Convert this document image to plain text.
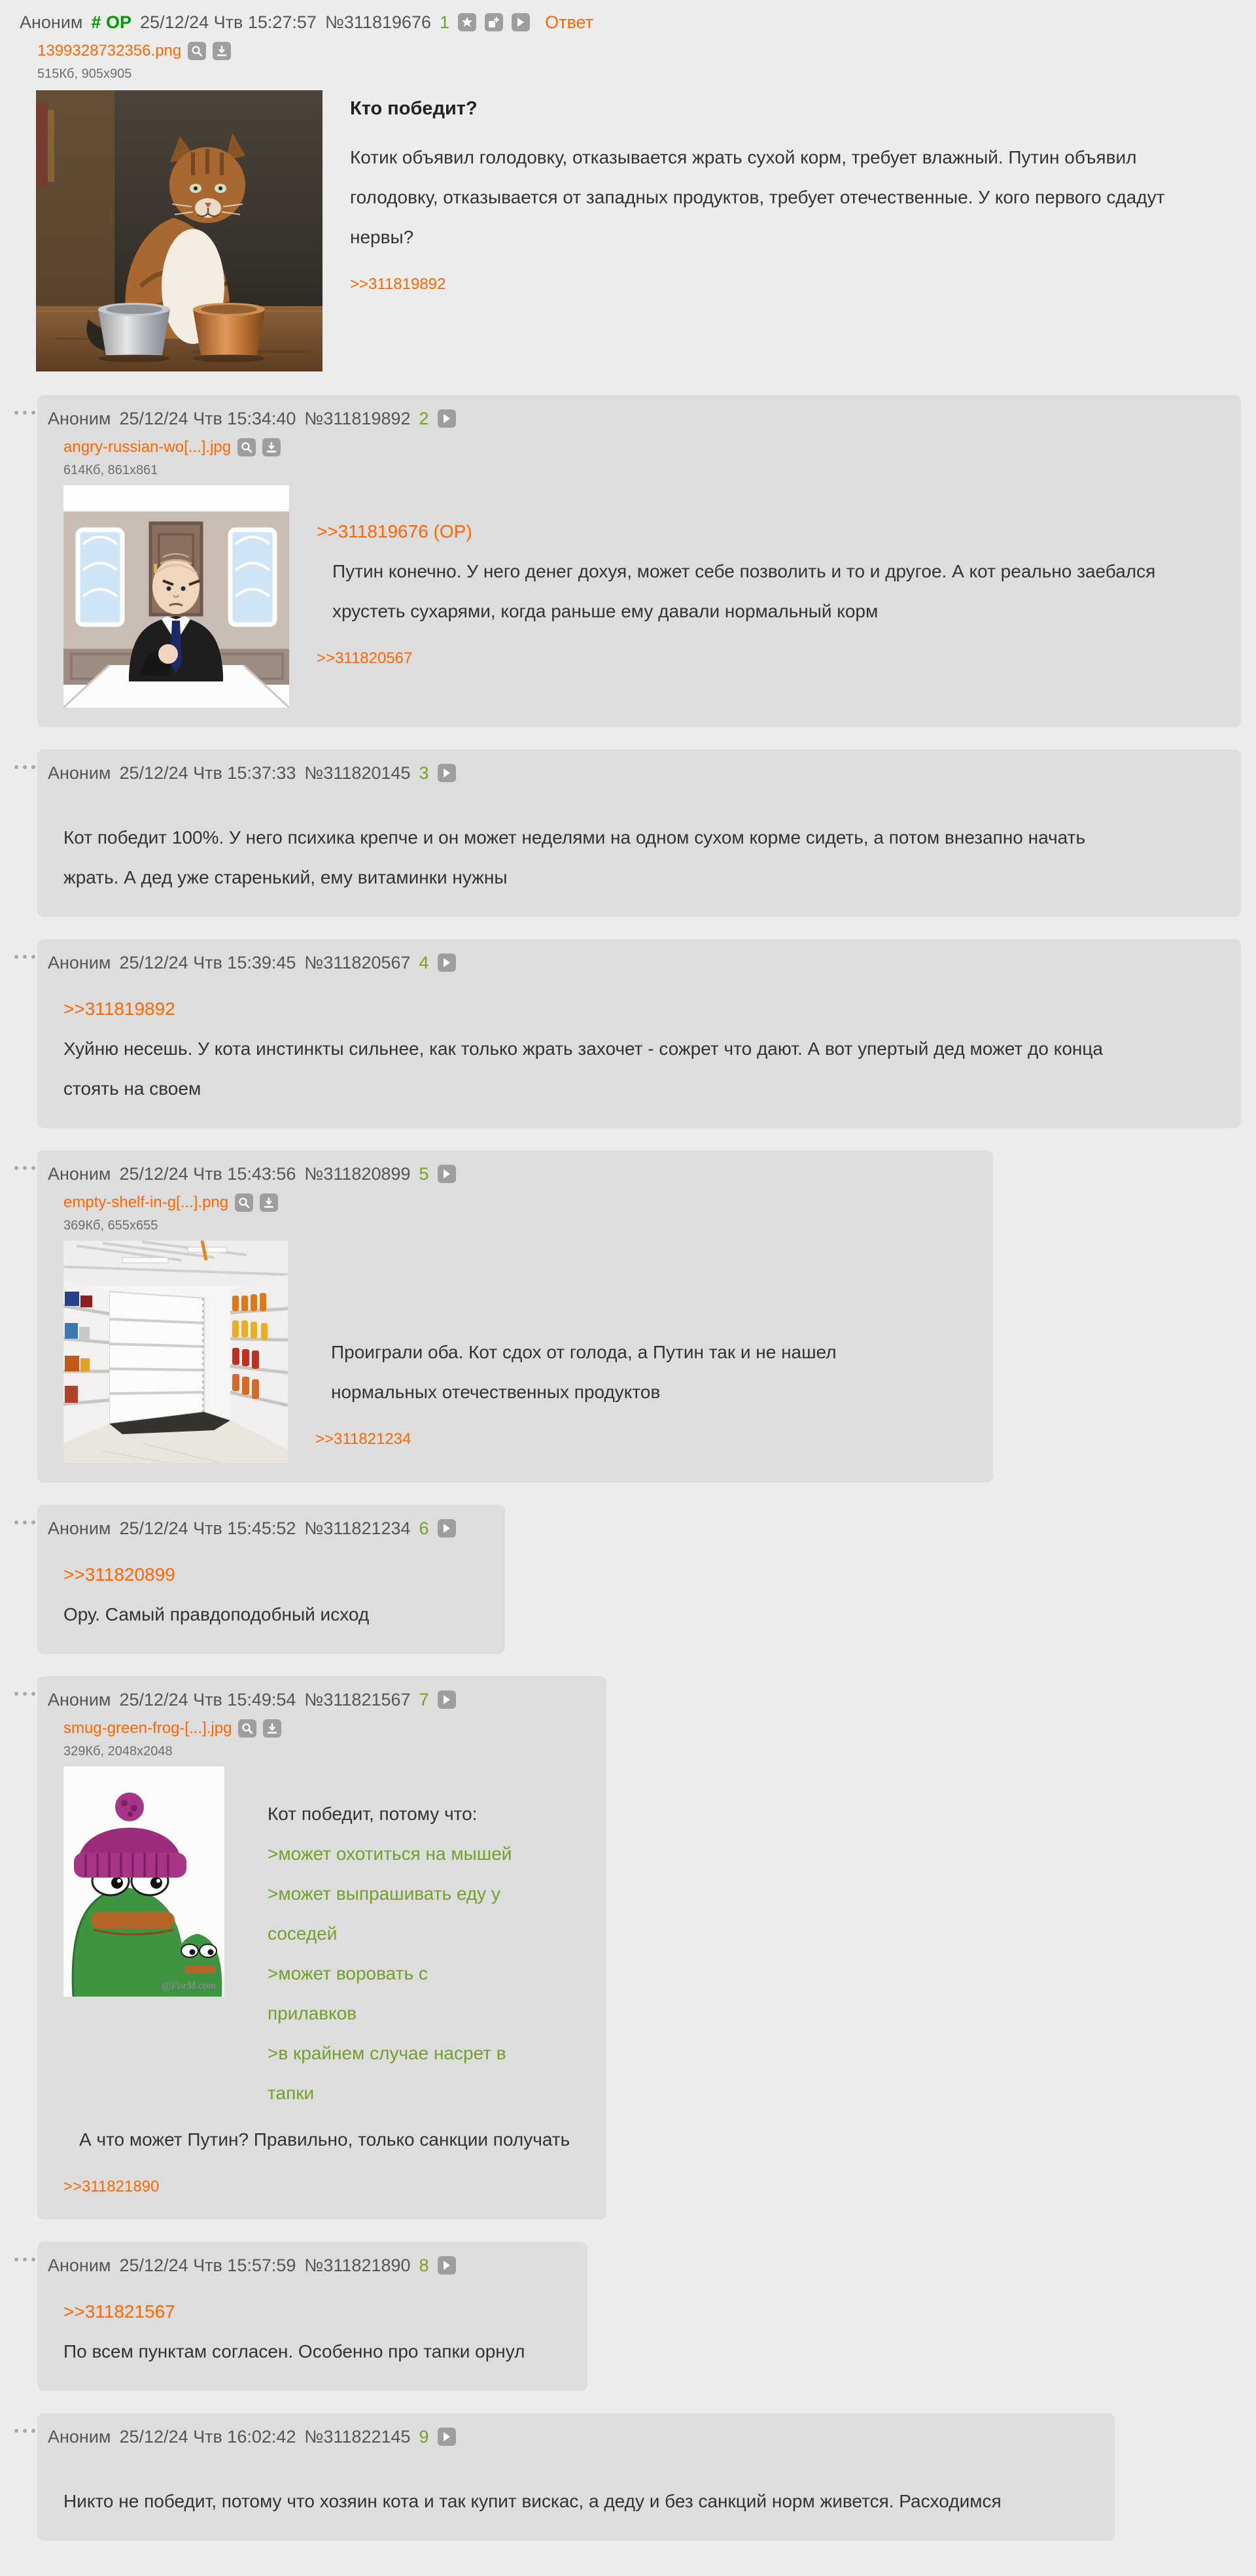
Аноним # OP 25/12/24 Чтв 15:27:57 №311819676 1	Ответ
1399328732356.png
515Кб, 905x905
Кто победит?
Котик объявил голодовку, отказывается жрать сухой корм, требует влажный. Путин объявил голодовку, отказывается от западных продуктов, требует отечественные. У кого первого сдадут нервы?
>>311819892
Аноним 25/12/24 Чтв 15:34:40 №311819892 2
angry-russian-wo[...].jpg
614Кб, 861x861
>>311819676 (OP)
Путин конечно. У него денег дохуя, может себе позволить и то и другое. А кот реально заебался хрустеть сухарями, когда раньше ему давали нормальный корм
>>311820567
Аноним 25/12/24 Чтв 15:37:33 №311820145 3
Кот победит 100%. У него психика крепче и он может неделями на одном сухом корме сидеть, а потом внезапно начать жрать. А дед уже старенький, ему витаминки нужны
Аноним 25/12/24 Чтв 15:39:45 №311820567 4
>>311819892
Хуйню несешь. У кота инстинкты сильнее, как только жрать захочет - сожрет что дают. А вот упертый дед может до конца стоять на своем
Аноним 25/12/24 Чтв 15:43:56 №311820899 5
empty-shelf-in-g[...].png
369Кб, 655x655
Проиграли оба. Кот сдох от голода, а Путин так и не нашел нормальных отечественных продуктов
>>311821234
Аноним 25/12/24 Чтв 15:45:52 №311821234 6
>>311820899
Ору. Самый правдоподобный исход
Аноним 25/12/24 Чтв 15:49:54 №311821567 7
smug-green-frog-[...].jpg
329Кб, 2048x2048
@ForM.com
Кот победит, потому что:
>может охотиться на мышей
>может выпрашивать еду у соседей
>может воровать с прилавков
>в крайнем случае насрет в тапки
А что может Путин? Правильно, только санкции получать
>>311821890
Аноним 25/12/24 Чтв 15:57:59 №311821890 8
>>311821567
По всем пунктам согласен. Особенно про тапки орнул
Аноним 25/12/24 Чтв 16:02:42 №311822145 9
Никто не победит, потому что хозяин кота и так купит вискас, а деду и без санкций норм живется. Расходимся
